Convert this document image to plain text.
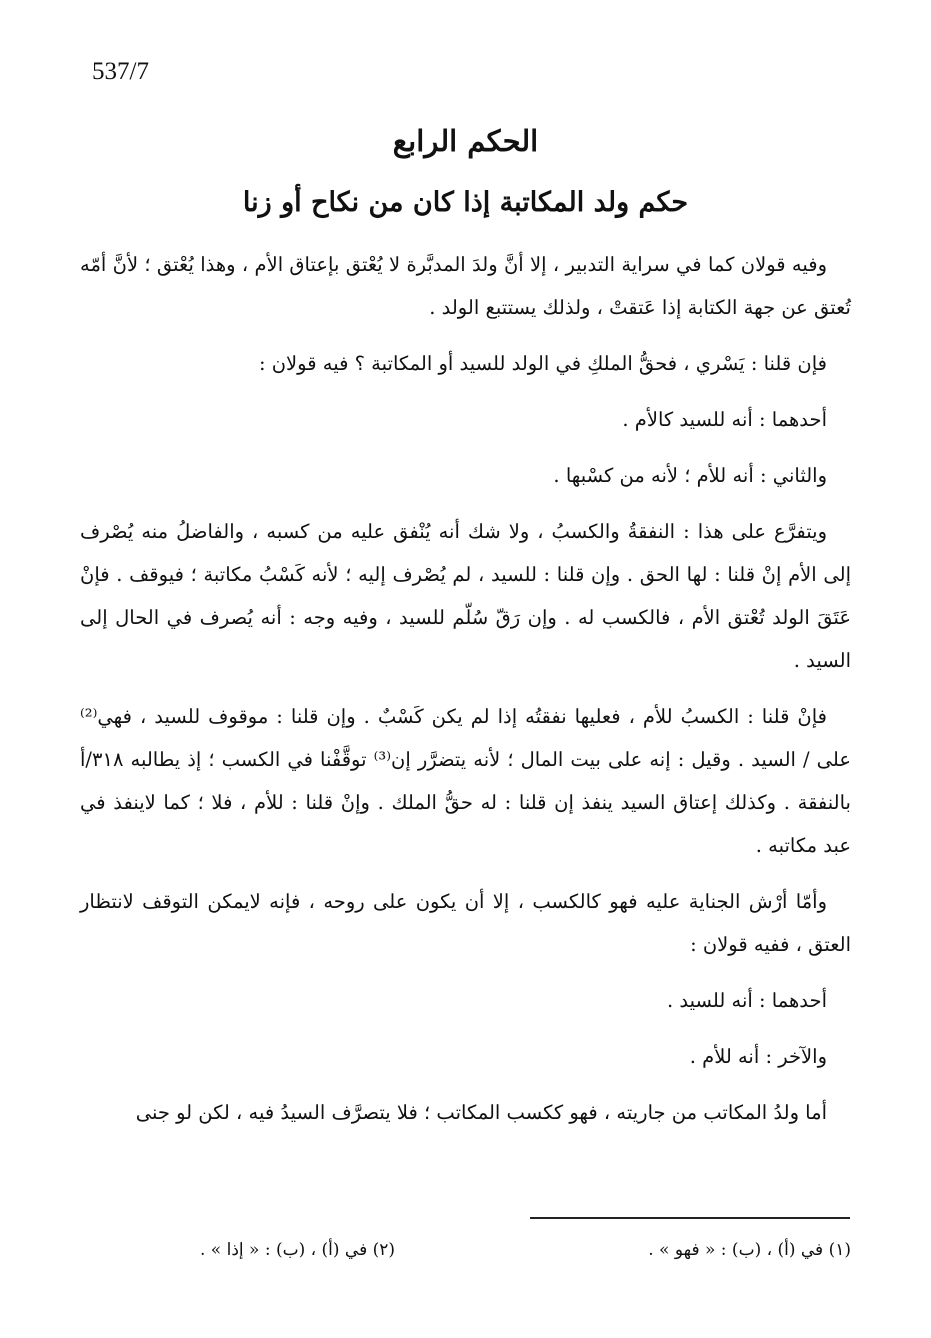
537/7
الحكم الرابع
حكم ولد المكاتبة إذا كان من نكاح أو زنا

وفيه قولان كما في سراية التدبير ، إلا أنَّ ولدَ المدبَّرة لا يُعْتق بإعتاق الأم ، وهذا يُعْتق ؛ لأنَّ أمّه تُعتق عن جهة الكتابة إذا عَتقتْ ، ولذلك يستتبع الولد .

فإن قلنا : يَسْري ، فحقُّ الملكِ في الولد للسيد أو المكاتبة ؟ فيه قولان :

أحدهما : أنه للسيد كالأم .

والثاني : أنه للأم ؛ لأنه من كسْبها .

ويتفرَّع على هذا : النفقةُ والكسبُ ، ولا شك أنه يُنْفق عليه من كسبه ، والفاضلُ منه يُصْرف إلى الأم إنْ قلنا : لها الحق . وإن قلنا : للسيد ، لم يُصْرف إليه ؛ لأنه كَسْبُ مكاتبة ؛ فيوقف . فإنْ عَتَقَ الولد تُعْتق الأم ، فالكسب له . وإن رَقّ سُلّم للسيد ، وفيه وجه : أنه يُصرف في الحال إلى السيد .

فإنْ قلنا : الكسبُ للأم ، فعليها نفقتُه إذا لم يكن كَسْبٌ . وإن قلنا : موقوف للسيد ، فهي⁽²⁾ على / السيد . وقيل : إنه على بيت المال ؛ لأنه يتضرَّر إن⁽³⁾ توقَّفْنا في الكسب ؛ إذ يطالبه ٣١٨/أ بالنفقة . وكذلك إعتاق السيد ينفذ إن قلنا : له حقُّ الملك . وإنْ قلنا : للأم ، فلا ؛ كما لاينفذ في عبد مكاتبه .

وأمّا أرْش الجناية عليه فهو كالكسب ، إلا أن يكون على روحه ، فإنه لايمكن التوقف لانتظار العتق ، ففيه قولان :

أحدهما : أنه للسيد .

والآخر : أنه للأم .

أما ولدُ المكاتب من جاريته ، فهو ككسب المكاتب ؛ فلا يتصرَّف السيدُ فيه ، لكن لو جنى

(١) في (أ) ، (ب) : « فهو » .
(٢) في (أ) ، (ب) : « إذا » .
